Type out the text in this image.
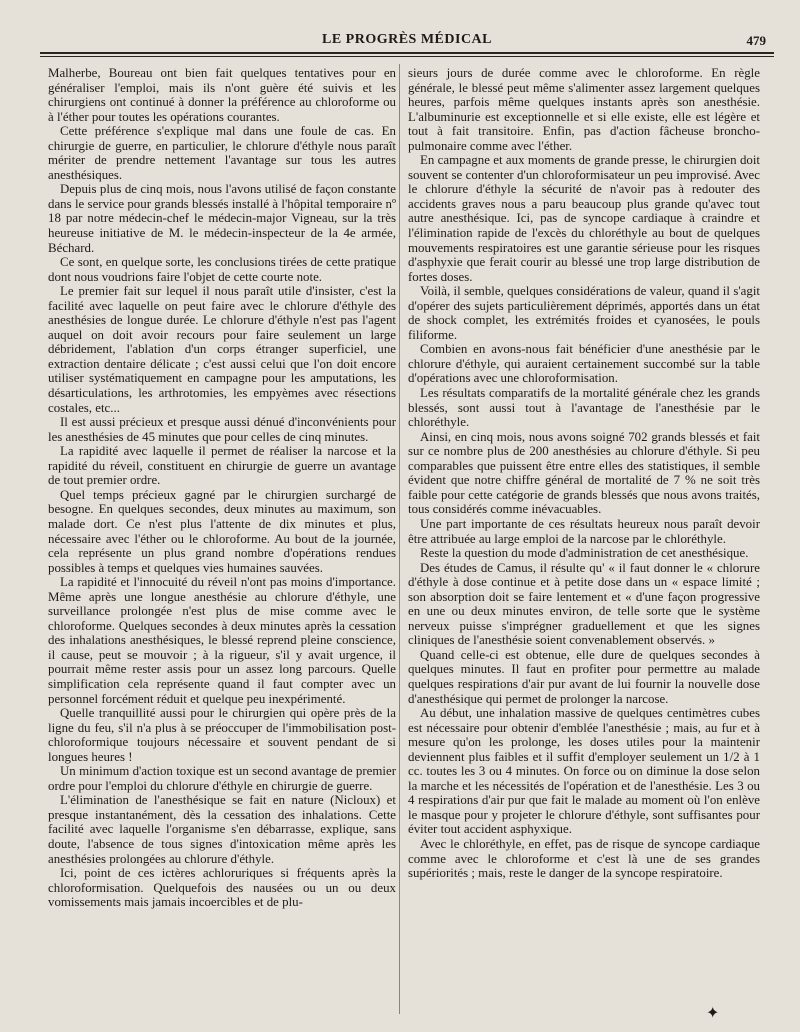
LE PROGRÈS MÉDICAL	479

Malherbe, Boureau ont bien fait quelques tentatives pour en généraliser l'emploi, mais ils n'ont guère été suivis et les chirurgiens ont continué à donner la préférence au chloroforme ou à l'éther pour toutes les opérations courantes.

Cette préférence s'explique mal dans une foule de cas. En chirurgie de guerre, en particulier, le chlorure d'éthyle nous paraît mériter de prendre nettement l'avantage sur tous les autres anesthésiques.

Depuis plus de cinq mois, nous l'avons utilisé de façon constante dans le service pour grands blessés installé à l'hôpital temporaire nº 18 par notre médecin-chef le médecin-major Vigneau, sur la très heureuse initiative de M. le médecin-inspecteur de la 4e armée, Béchard.

Ce sont, en quelque sorte, les conclusions tirées de cette pratique dont nous voudrions faire l'objet de cette courte note.

Le premier fait sur lequel il nous paraît utile d'insister, c'est la facilité avec laquelle on peut faire avec le chlorure d'éthyle des anesthésies de longue durée. Le chlorure d'éthyle n'est pas l'agent auquel on doit avoir recours pour faire seulement un large débridement, l'ablation d'un corps étranger superficiel, une extraction dentaire délicate ; c'est aussi celui que l'on doit encore utiliser systématiquement en campagne pour les amputations, les désarticulations, les arthrotomies, les empyèmes avec résections costales, etc...

Il est aussi précieux et presque aussi dénué d'inconvénients pour les anesthésies de 45 minutes que pour celles de cinq minutes.

La rapidité avec laquelle il permet de réaliser la narcose et la rapidité du réveil, constituent en chirurgie de guerre un avantage de tout premier ordre.

Quel temps précieux gagné par le chirurgien surchargé de besogne. En quelques secondes, deux minutes au maximum, son malade dort. Ce n'est plus l'attente de dix minutes et plus, nécessaire avec l'éther ou le chloroforme. Au bout de la journée, cela représente un plus grand nombre d'opérations rendues possibles à temps et quelques vies humaines sauvées.

La rapidité et l'innocuité du réveil n'ont pas moins d'importance. Même après une longue anesthésie au chlorure d'éthyle, une surveillance prolongée n'est plus de mise comme avec le chloroforme. Quelques secondes à deux minutes après la cessation des inhalations anesthésiques, le blessé reprend pleine conscience, il cause, peut se mouvoir ; à la rigueur, s'il y avait urgence, il pourrait même rester assis pour un assez long parcours. Quelle simplification cela représente quand il faut compter avec un personnel forcément réduit et quelque peu inexpérimenté.

Quelle tranquillité aussi pour le chirurgien qui opère près de la ligne du feu, s'il n'a plus à se préoccuper de l'immobilisation post-chloroformique toujours nécessaire et souvent pendant de si longues heures !

Un minimum d'action toxique est un second avantage de premier ordre pour l'emploi du chlorure d'éthyle en chirurgie de guerre.

L'élimination de l'anesthésique se fait en nature (Nicloux) et presque instantanément, dès la cessation des inhalations. Cette facilité avec laquelle l'organisme s'en débarrasse, explique, sans doute, l'absence de tous signes d'intoxication même après les anesthésies prolongées au chlorure d'éthyle.

Ici, point de ces ictères achloruriques si fréquents après la chloroformisation. Quelquefois des nausées ou un ou deux vomissements mais jamais incoercibles et de plu-

sieurs jours de durée comme avec le chloroforme. En règle générale, le blessé peut même s'alimenter assez largement quelques heures, parfois même quelques instants après son anesthésie. L'albuminurie est exceptionnelle et si elle existe, elle est légère et tout à fait transitoire. Enfin, pas d'action fâcheuse broncho-pulmonaire comme avec l'éther.

En campagne et aux moments de grande presse, le chirurgien doit souvent se contenter d'un chloroformisateur un peu improvisé. Avec le chlorure d'éthyle la sécurité de n'avoir pas à redouter des accidents graves nous a paru beaucoup plus grande qu'avec tout autre anesthésique. Ici, pas de syncope cardiaque à craindre et l'élimination rapide de l'excès du chloréthyle au bout de quelques mouvements respiratoires est une garantie sérieuse pour les risques d'asphyxie que ferait courir au blessé une trop large distribution de fortes doses.

Voilà, il semble, quelques considérations de valeur, quand il s'agit d'opérer des sujets particulièrement déprimés, apportés dans un état de shock complet, les extrémités froides et cyanosées, le pouls filiforme.

Combien en avons-nous fait bénéficier d'une anesthésie par le chlorure d'éthyle, qui auraient certainement succombé sur la table d'opérations avec une chloroformisation.

Les résultats comparatifs de la mortalité générale chez les grands blessés, sont aussi tout à l'avantage de l'anesthésie par le chloréthyle.

Ainsi, en cinq mois, nous avons soigné 702 grands blessés et fait sur ce nombre plus de 200 anesthésies au chlorure d'éthyle. Si peu comparables que puissent être entre elles des statistiques, il semble évident que notre chiffre général de mortalité de 7 % ne soit très faible pour cette catégorie de grands blessés que nous avons traités, tous considérés comme inévacuables.

Une part importante de ces résultats heureux nous paraît devoir être attribuée au large emploi de la narcose par le chloréthyle.

Reste la question du mode d'administration de cet anesthésique.

Des études de Camus, il résulte qu' « il faut donner le « chlorure d'éthyle à dose continue et à petite dose dans un « espace limité ; son absorption doit se faire lentement et « d'une façon progressive en une ou deux minutes environ, de telle sorte que le système nerveux puisse s'imprégner graduellement et que les signes cliniques de l'anesthésie soient convenablement observés. »

Quand celle-ci est obtenue, elle dure de quelques secondes à quelques minutes. Il faut en profiter pour permettre au malade quelques respirations d'air pur avant de lui fournir la nouvelle dose d'anesthésique qui permet de prolonger la narcose.

Au début, une inhalation massive de quelques centimètres cubes est nécessaire pour obtenir d'emblée l'anesthésie ; mais, au fur et à mesure qu'on les prolonge, les doses utiles pour la maintenir deviennent plus faibles et il suffit d'employer seulement un 1/2 à 1 cc. toutes les 3 ou 4 minutes. On force ou on diminue la dose selon la marche et les nécessités de l'opération et de l'anesthésie. Les 3 ou 4 respirations d'air pur que fait le malade au moment où l'on enlève le masque pour y projeter le chlorure d'éthyle, sont suffisantes pour éviter tout accident asphyxique.

Avec le chloréthyle, en effet, pas de risque de syncope cardiaque comme avec le chloroforme et c'est là une de ses grandes supériorités ; mais, reste le danger de la syncope respiratoire.

✦
